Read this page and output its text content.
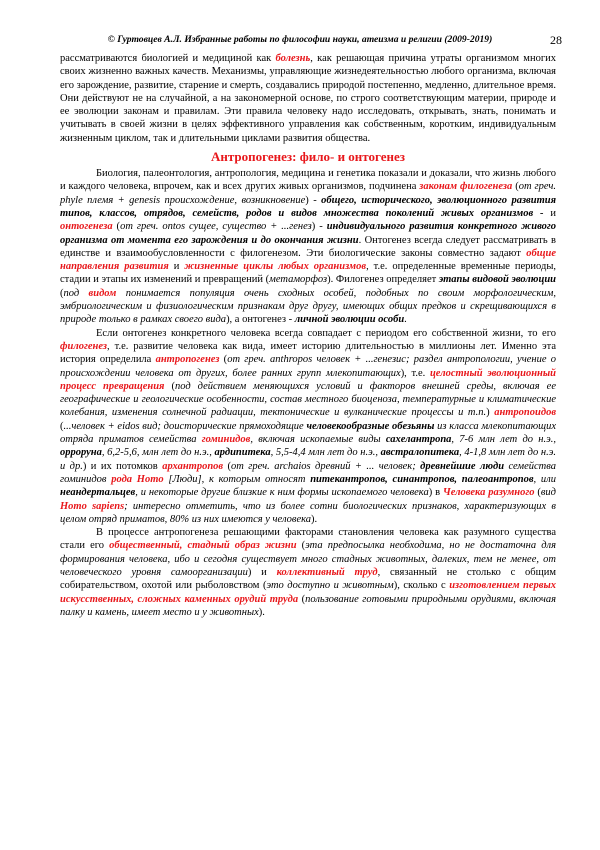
© Гуртовцев А.Л. Избранные работы по философии науки, атеизма и религии (2009-2019)	28

рассматриваются биологией и медициной как болезнь, как решающая причина утраты организмом многих своих жизненно важных качеств. Механизмы, управляющие жизнедеятельностью любого организма, включая его зарождение, развитие, старение и смерть, создавались природой постепенно, медленно, длительное время. Они действуют не на случайной, а на закономерной основе, по строго соответствующим материи, природе и ее эволюции законам и правилам. Эти правила человеку надо исследовать, открывать, знать, понимать и учитывать в своей жизни в целях эффективного управления как собственным, коротким, индивидуальным жизненным циклом, так и длительными циклами развития общества.

Антропогенез: фило- и онтогенез

Биология, палеонтология, антропология, медицина и генетика показали и доказали, что жизнь любого и каждого человека, впрочем, как и всех других живых организмов, подчинена законам филогенеза (от греч. phyle племя + genesis происхождение, возникновение) - общего, исторического, эволюционного развития типов, классов, отрядов, семейств, родов и видов множества поколений живых организмов - и онтогенеза (от греч. ontos сущее, существо + ...генез) - индивидуального развития конкретного живого организма от момента его зарождения и до окончания жизни. Онтогенез всегда следует рассматривать в единстве и взаимообусловленности с филогенезом. Эти биологические законы совместно задают общие направления развития и жизненные циклы любых организмов, т.е. определенные временные периоды, стадии и этапы их изменений и превращений (метаморфоз). Филогенез определяет этапы видовой эволюции (под видом понимается популяция очень сходных особей, подобных по своим морфологическим, эмбриологическим и физиологическим признакам друг другу, имеющих общих предков и скрещивающихся в природе только в рамках своего вида), а онтогенез - личной эволюции особи.

Если онтогенез конкретного человека всегда совпадает с периодом его собственной жизни, то его филогенез, т.е. развитие человека как вида, имеет историю длительностью в миллионы лет. Именно эта история определила антропогенез (от греч. anthropos человек + ...генезис; раздел антропологии, учение о происхождении человека от других, более ранних групп млекопитающих), т.е. целостный эволюционный процесс превращения (под действием меняющихся условий и факторов внешней среды, включая ее географические и геологические особенности, состав местного биоценоза, температурные и климатические колебания, изменения солнечной радиации, тектонические и вулканические процессы и т.п.) антропоидов (...человек + eidos вид; доисторические прямоходящие человекообразные обезьяны из класса млекопитающих отряда приматов семейства гоминидов, включая ископаемые виды сахелантропа, 7-6 млн лет до н.э., орроруна, 6,2-5,6, млн лет до н.э., ардипитека, 5,5-4,4 млн лет до н.э., австралопитека, 4-1,8 млн лет до н.э. и др.) и их потомков архантропов (от греч. archaios древний + ... человек; древнейшие люди семейства гоминидов рода Homo [Люди], к которым относят питекантропов, синантропов, палеоантропов, или неандертальцев, и некоторые другие близкие к ним формы ископаемого человека) в Человека разумного (вид Homo sapiens; интересно отметить, что из более сотни биологических признаков, характеризующих в целом отряд приматов, 80% из них имеются у человека).

В процессе антропогенеза решающими факторами становления человека как разумного существа стали его общественный, стадный образ жизни (эта предпосылка необходима, но не достаточна для формирования человека, ибо и сегодня существует много стадных животных, далеких, тем не менее, от человеческого уровня самоорганизации) и коллективный труд, связанный не столько с общим собирательством, охотой или рыболовством (это доступно и животным), сколько с изготовлением первых искусственных, сложных каменных орудий труда (пользование готовыми природными орудиями, включая палку и камень, имеет место и у животных).
